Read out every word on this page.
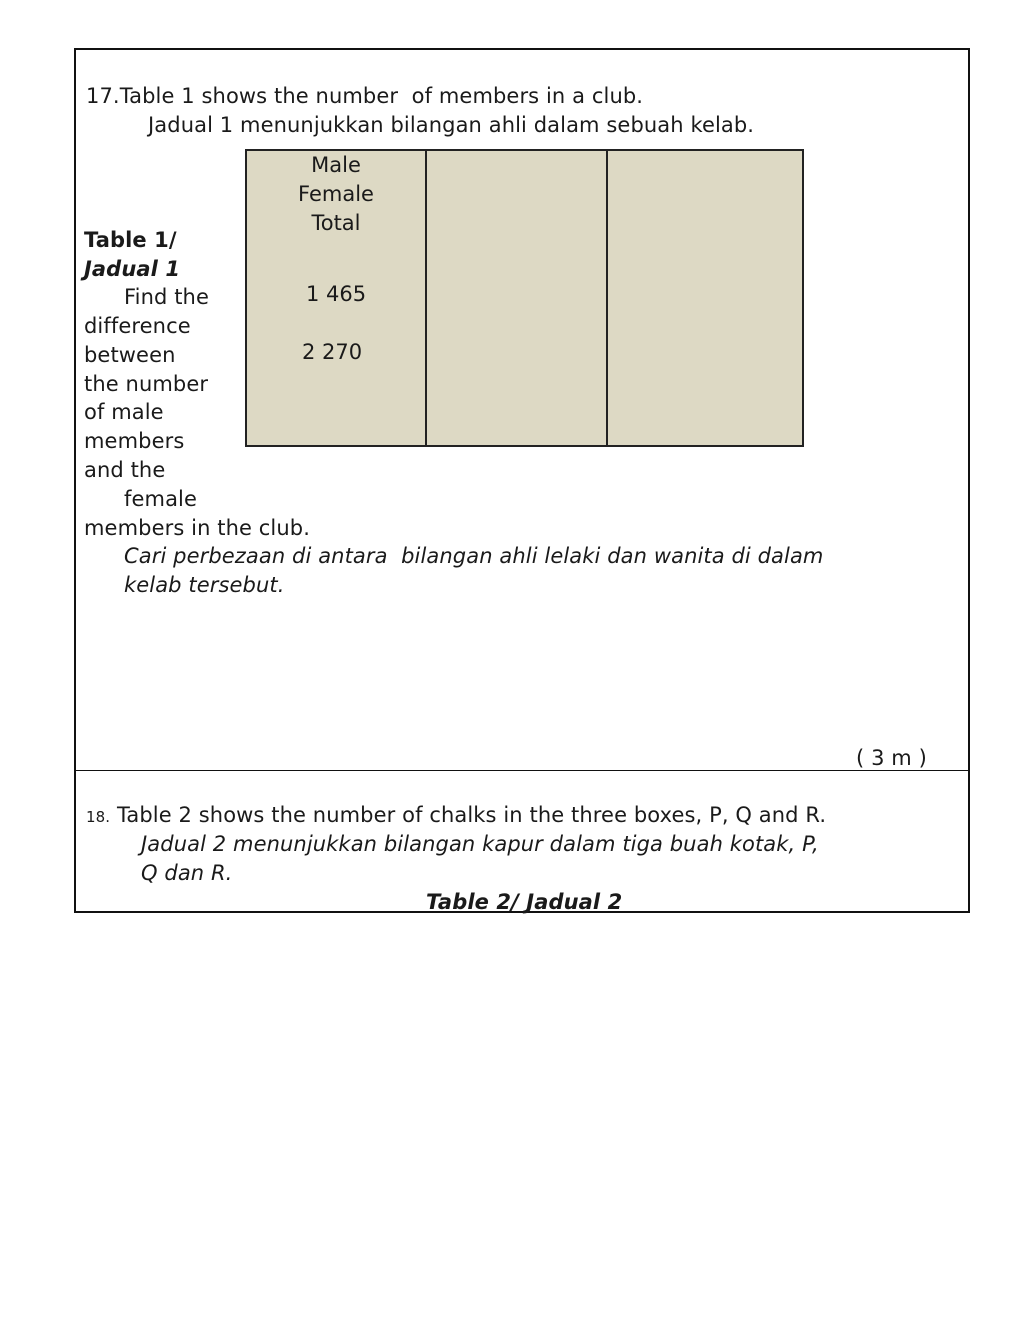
17.Table 1 shows the number  of members in a club.
Jadual 1 menunjukkan bilangan ahli dalam sebuah kelab.
Male
Female
Total
1 465
2 270
Table 1/
Jadual 1
Find the
difference
between
the number
of male
members
and the
female
members in the club.
Cari perbezaan di antara  bilangan ahli lelaki dan wanita di dalam
kelab tersebut.
( 3 m )
18. Table 2 shows the number of chalks in the three boxes, P, Q and R.
Jadual 2 menunjukkan bilangan kapur dalam tiga buah kotak, P,
Q dan R.
Table 2/ Jadual 2
